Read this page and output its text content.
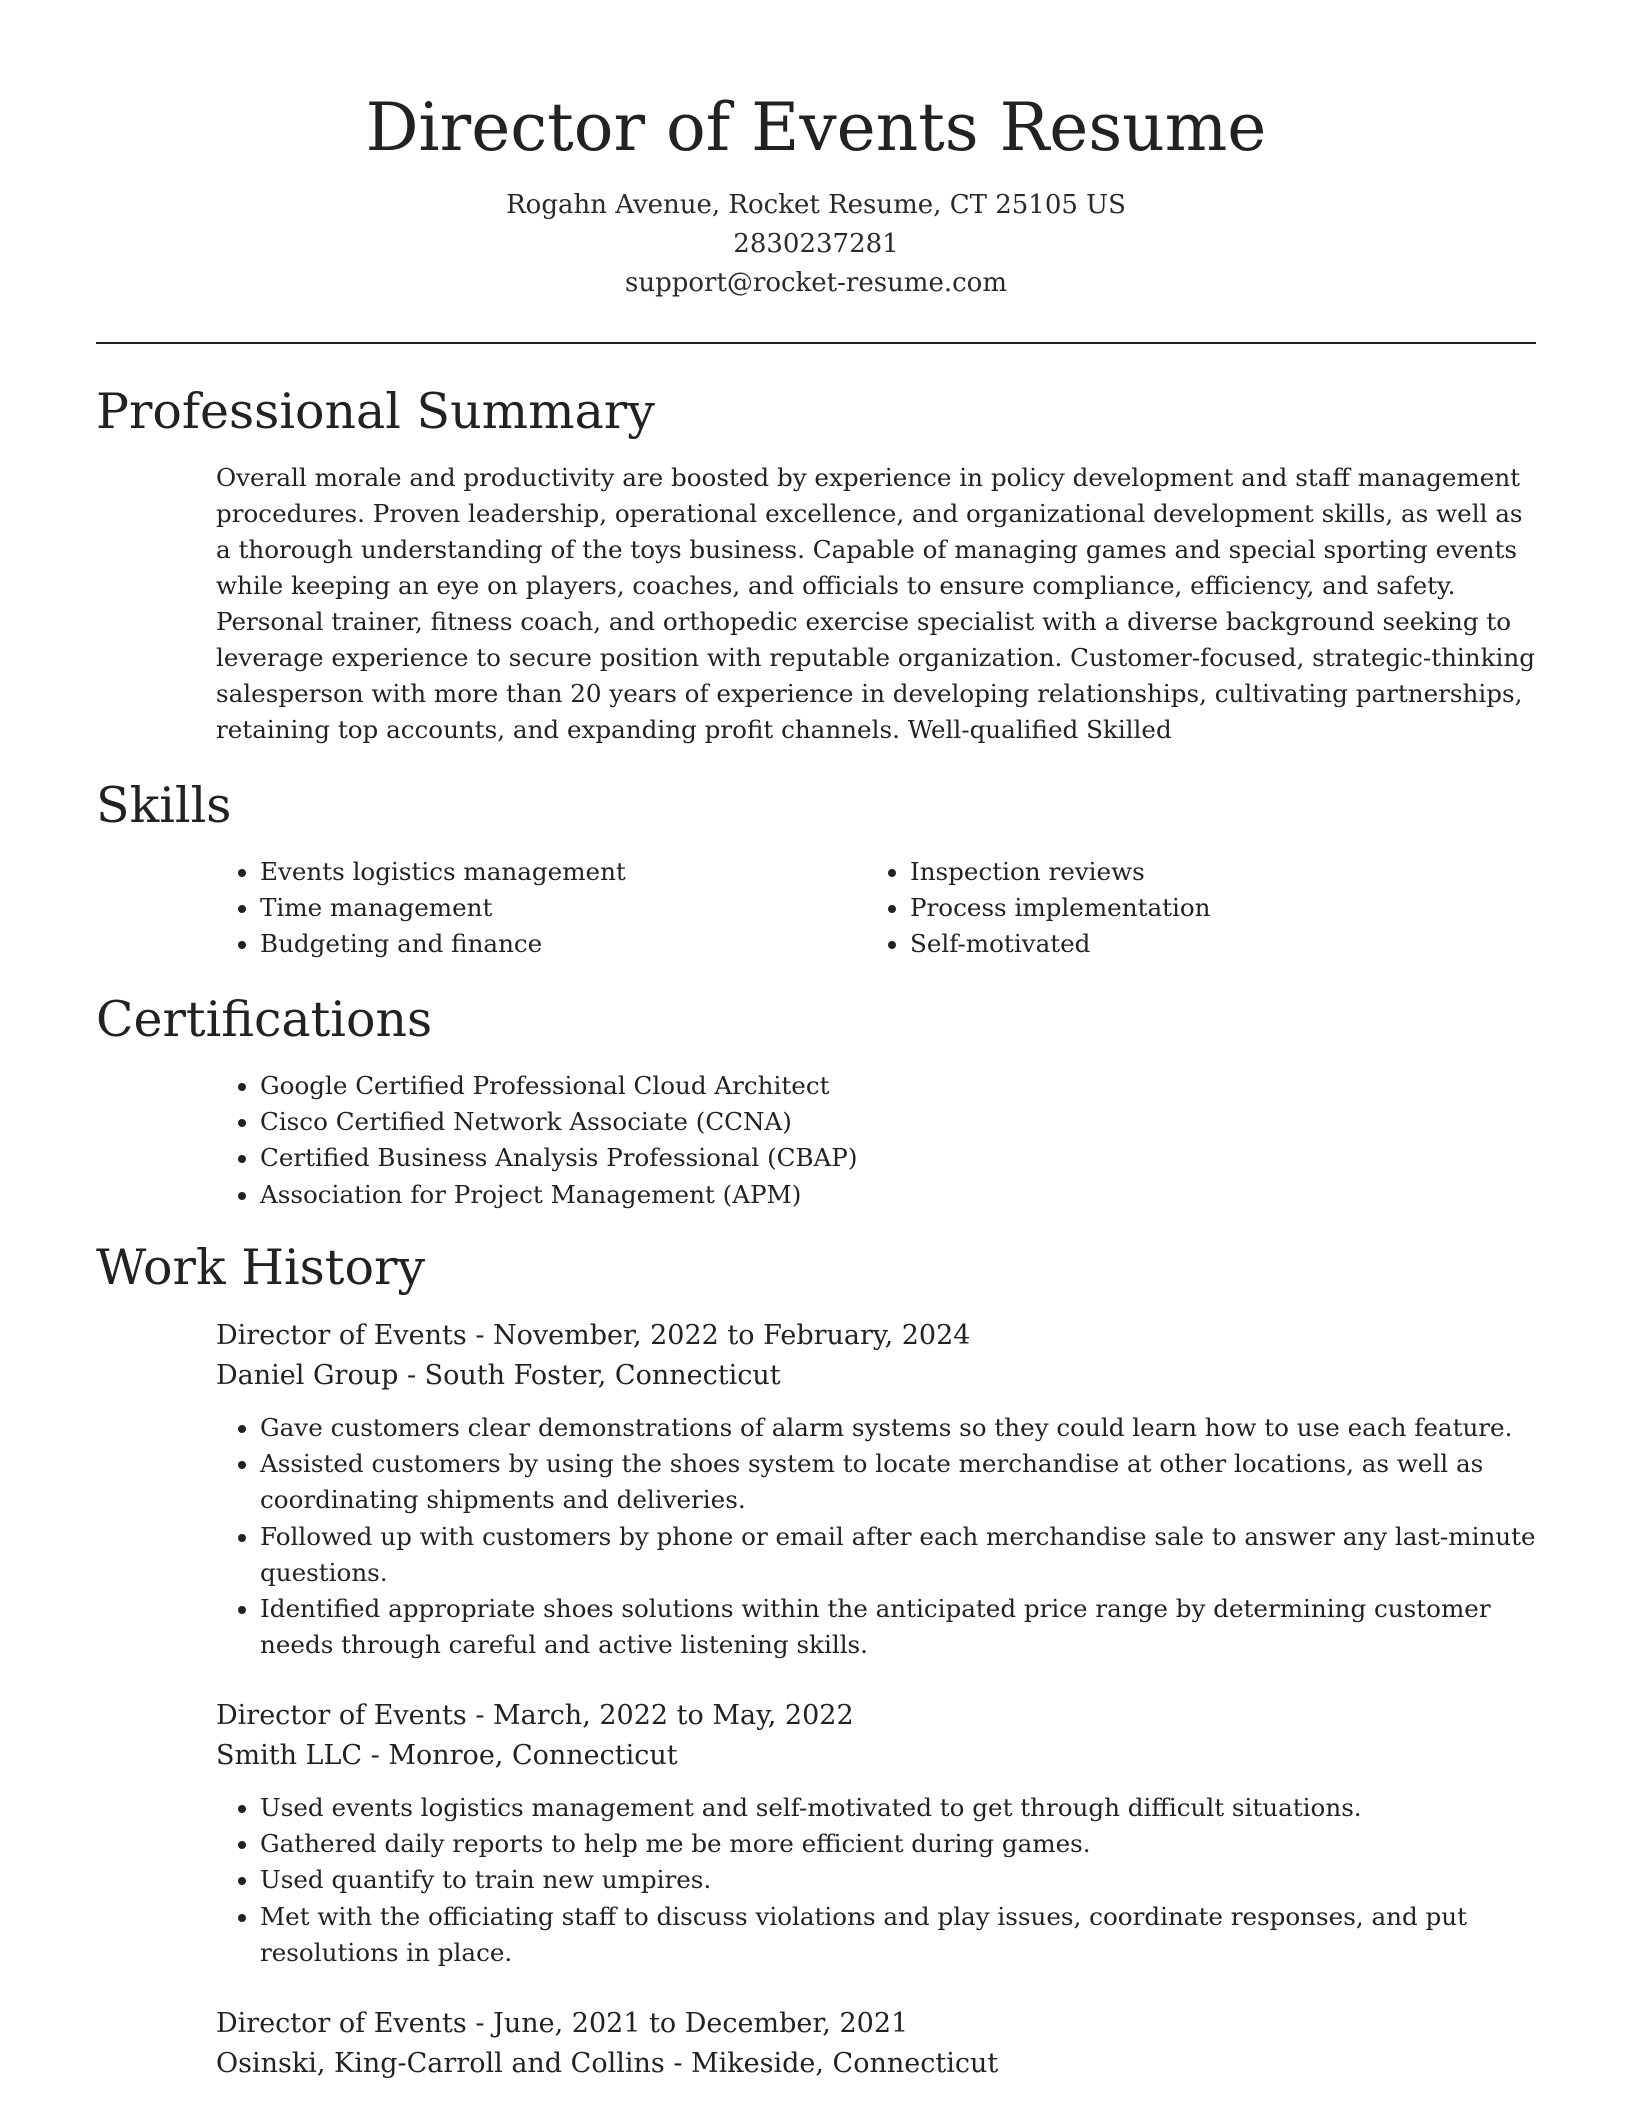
Director of Events Resume
Rogahn Avenue, Rocket Resume, CT 25105 US
2830237281
support@rocket-resume.com
Professional Summary

Overall morale and productivity are boosted by experience in policy development and staff management procedures. Proven leadership, operational excellence, and organizational development skills, as well as a thorough understanding of the toys business. Capable of managing games and special sporting events while keeping an eye on players, coaches, and officials to ensure compliance, efficiency, and safety. Personal trainer, fitness coach, and orthopedic exercise specialist with a diverse background seeking to leverage experience to secure position with reputable organization. Customer-focused, strategic-thinking salesperson with more than 20 years of experience in developing relationships, cultivating partnerships, retaining top accounts, and expanding profit channels. Well-qualified Skilled

Skills
• Events logistics management
• Time management
• Budgeting and finance
• Inspection reviews
• Process implementation
• Self-motivated
Certifications
• Google Certified Professional Cloud Architect
• Cisco Certified Network Associate (CCNA)
• Certified Business Analysis Professional (CBAP)
• Association for Project Management (APM)
Work History
Director of Events - November, 2022 to February, 2024
Daniel Group - South Foster, Connecticut
• Gave customers clear demonstrations of alarm systems so they could learn how to use each feature.
• Assisted customers by using the shoes system to locate merchandise at other locations, as well as coordinating shipments and deliveries.
• Followed up with customers by phone or email after each merchandise sale to answer any last-minute questions.
• Identified appropriate shoes solutions within the anticipated price range by determining customer needs through careful and active listening skills.
Director of Events - March, 2022 to May, 2022
Smith LLC - Monroe, Connecticut
• Used events logistics management and self-motivated to get through difficult situations.
• Gathered daily reports to help me be more efficient during games.
• Used quantify to train new umpires.
• Met with the officiating staff to discuss violations and play issues, coordinate responses, and put resolutions in place.
Director of Events - June, 2021 to December, 2021
Osinski, King-Carroll and Collins - Mikeside, Connecticut
